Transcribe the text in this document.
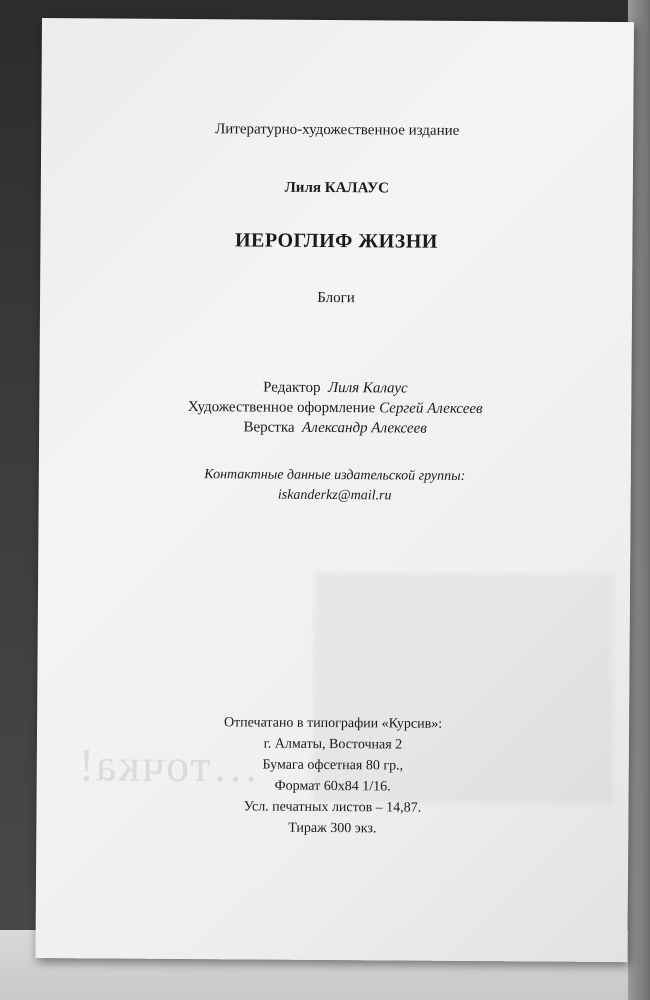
…точка!
Литературно-художественное издание
Лиля КАЛАУС
ИЕРОГЛИФ ЖИЗНИ
Блоги
Редактор Лиля Калаус
Художественное оформление Сергей Алексеев
Верстка Александр Алексеев
Контактные данные издательской группы:
iskanderkz@mail.ru
Отпечатано в типографии «Курсив»:
г. Алматы, Восточная 2
Бумага офсетная 80 гр.,
Формат 60x84 1/16.
Усл. печатных листов – 14,87.
Тираж 300 экз.
